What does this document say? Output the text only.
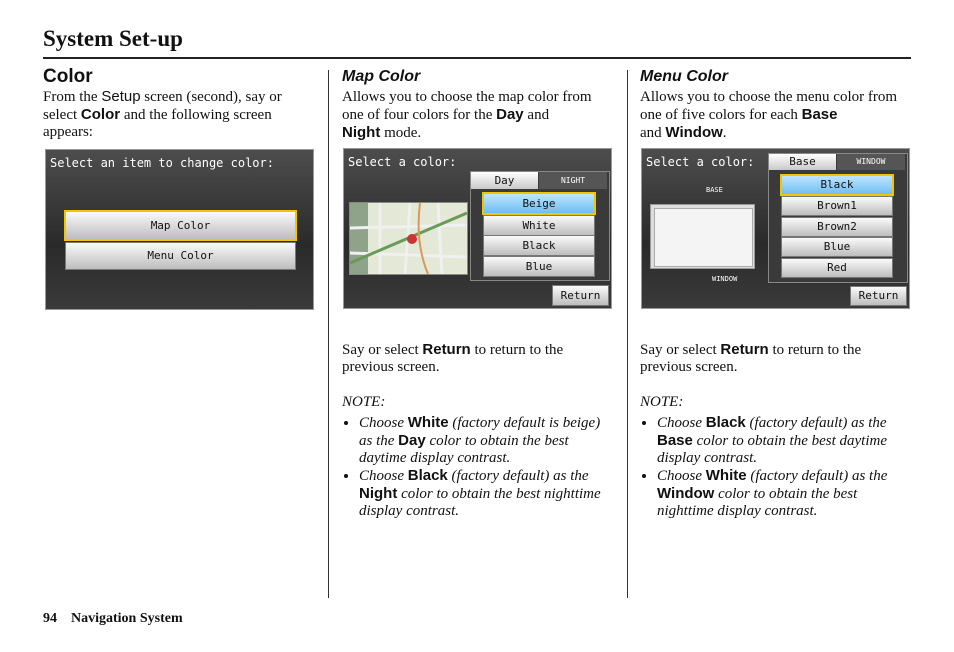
System Set-up
Color

From the Setup screen (second), say or select Color and the following screen appears:

Select an item to change color:
Map Color
Menu Color
Map Color

Allows you to choose the map color from one of four colors for the Day and
Night mode.

Say or select Return to return to the previous screen.

NOTE:
• Choose White (factory default is beige) as the Day color to obtain the best daytime display contrast.
• Choose Black (factory default) as the Night color to obtain the best nighttime display contrast.
Select a color:
Day	NIGHT
Beige
White
Black
Blue
Return
Menu Color

Allows you to choose the menu color from one of five colors for each Base
and Window.

Say or select Return to return to the previous screen.

NOTE:
• Choose Black (factory default) as the Base color to obtain the best daytime display contrast.
• Choose White (factory default) as the Window color to obtain the best nighttime display contrast.
Select a color:
BASE
WINDOW
Base	WINDOW
Black
Brown1
Brown2
Blue
Red
Return
94 Navigation System
